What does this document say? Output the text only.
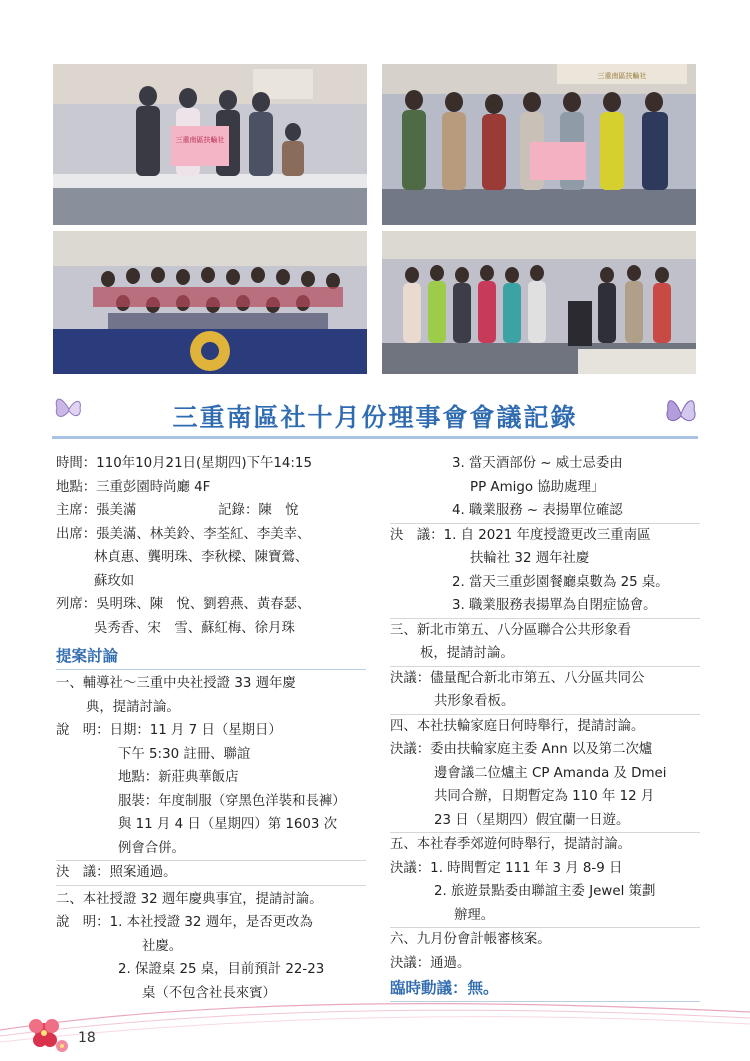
三重南區扶輪社
三重南區扶輪社
三重南區社十月份理事會會議記錄
時間： 110年10月21日(星期四)下午14:15
地點： 三重彭園時尚廳 4F
主席： 張美滿	記錄： 陳　悅
出席： 張美滿、林美鈴、李荃紅、李美幸、
林貞惠、龔明珠、李秋樑、陳寶鶯、
蘇玫如
列席： 吳明珠、陳　悅、劉碧燕、黃春瑟、
吳秀香、宋　雪、蘇紅梅、徐月珠
提案討論
一、 輔導社～三重中央社授證 33 週年慶
典，提請討論。
說　明： 日期：11 月 7 日（星期日）
下午 5:30 註冊、聯誼
地點：新莊典華飯店
服裝：年度制服（穿黑色洋裝和長褲）
與 11 月 4 日（星期四）第 1603 次
例會合併。
決　議： 照案通過。
二、 本社授證 32 週年慶典事宜，提請討論。
說　明： 1. 本社授證 32 週年，是否更改為
社慶。
2. 保證桌 25 桌，目前預計 22-23
桌（不包含社長來賓）
3. 當天酒部份 ~ 威士忌委由
PP Amigo 協助處理」
4. 職業服務 ~ 表揚單位確認
決　議： 1. 自 2021 年度授證更改三重南區
扶輪社 32 週年社慶
2. 當天三重彭園餐廳桌數為 25 桌。
3. 職業服務表揚單為自閉症協會。
三、 新北市第五、八分區聯合公共形象看
板，提請討論。
決議： 儘量配合新北市第五、八分區共同公
共形象看板。
四、 本社扶輪家庭日何時舉行，提請討論。
決議： 委由扶輪家庭主委 Ann 以及第二次爐
邊會議二位爐主 CP Amanda 及 Dmei
共同合辦，日期暫定為 110 年 12 月
23 日（星期四）假宜蘭一日遊。
五、 本社春季郊遊何時舉行，提請討論。
決議： 1. 時間暫定 111 年 3 月 8-9 日
2. 旅遊景點委由聯誼主委 Jewel 策劃
辦理。
六、 九月份會計帳審核案。
決議： 通過。
臨時動議：無。
18
